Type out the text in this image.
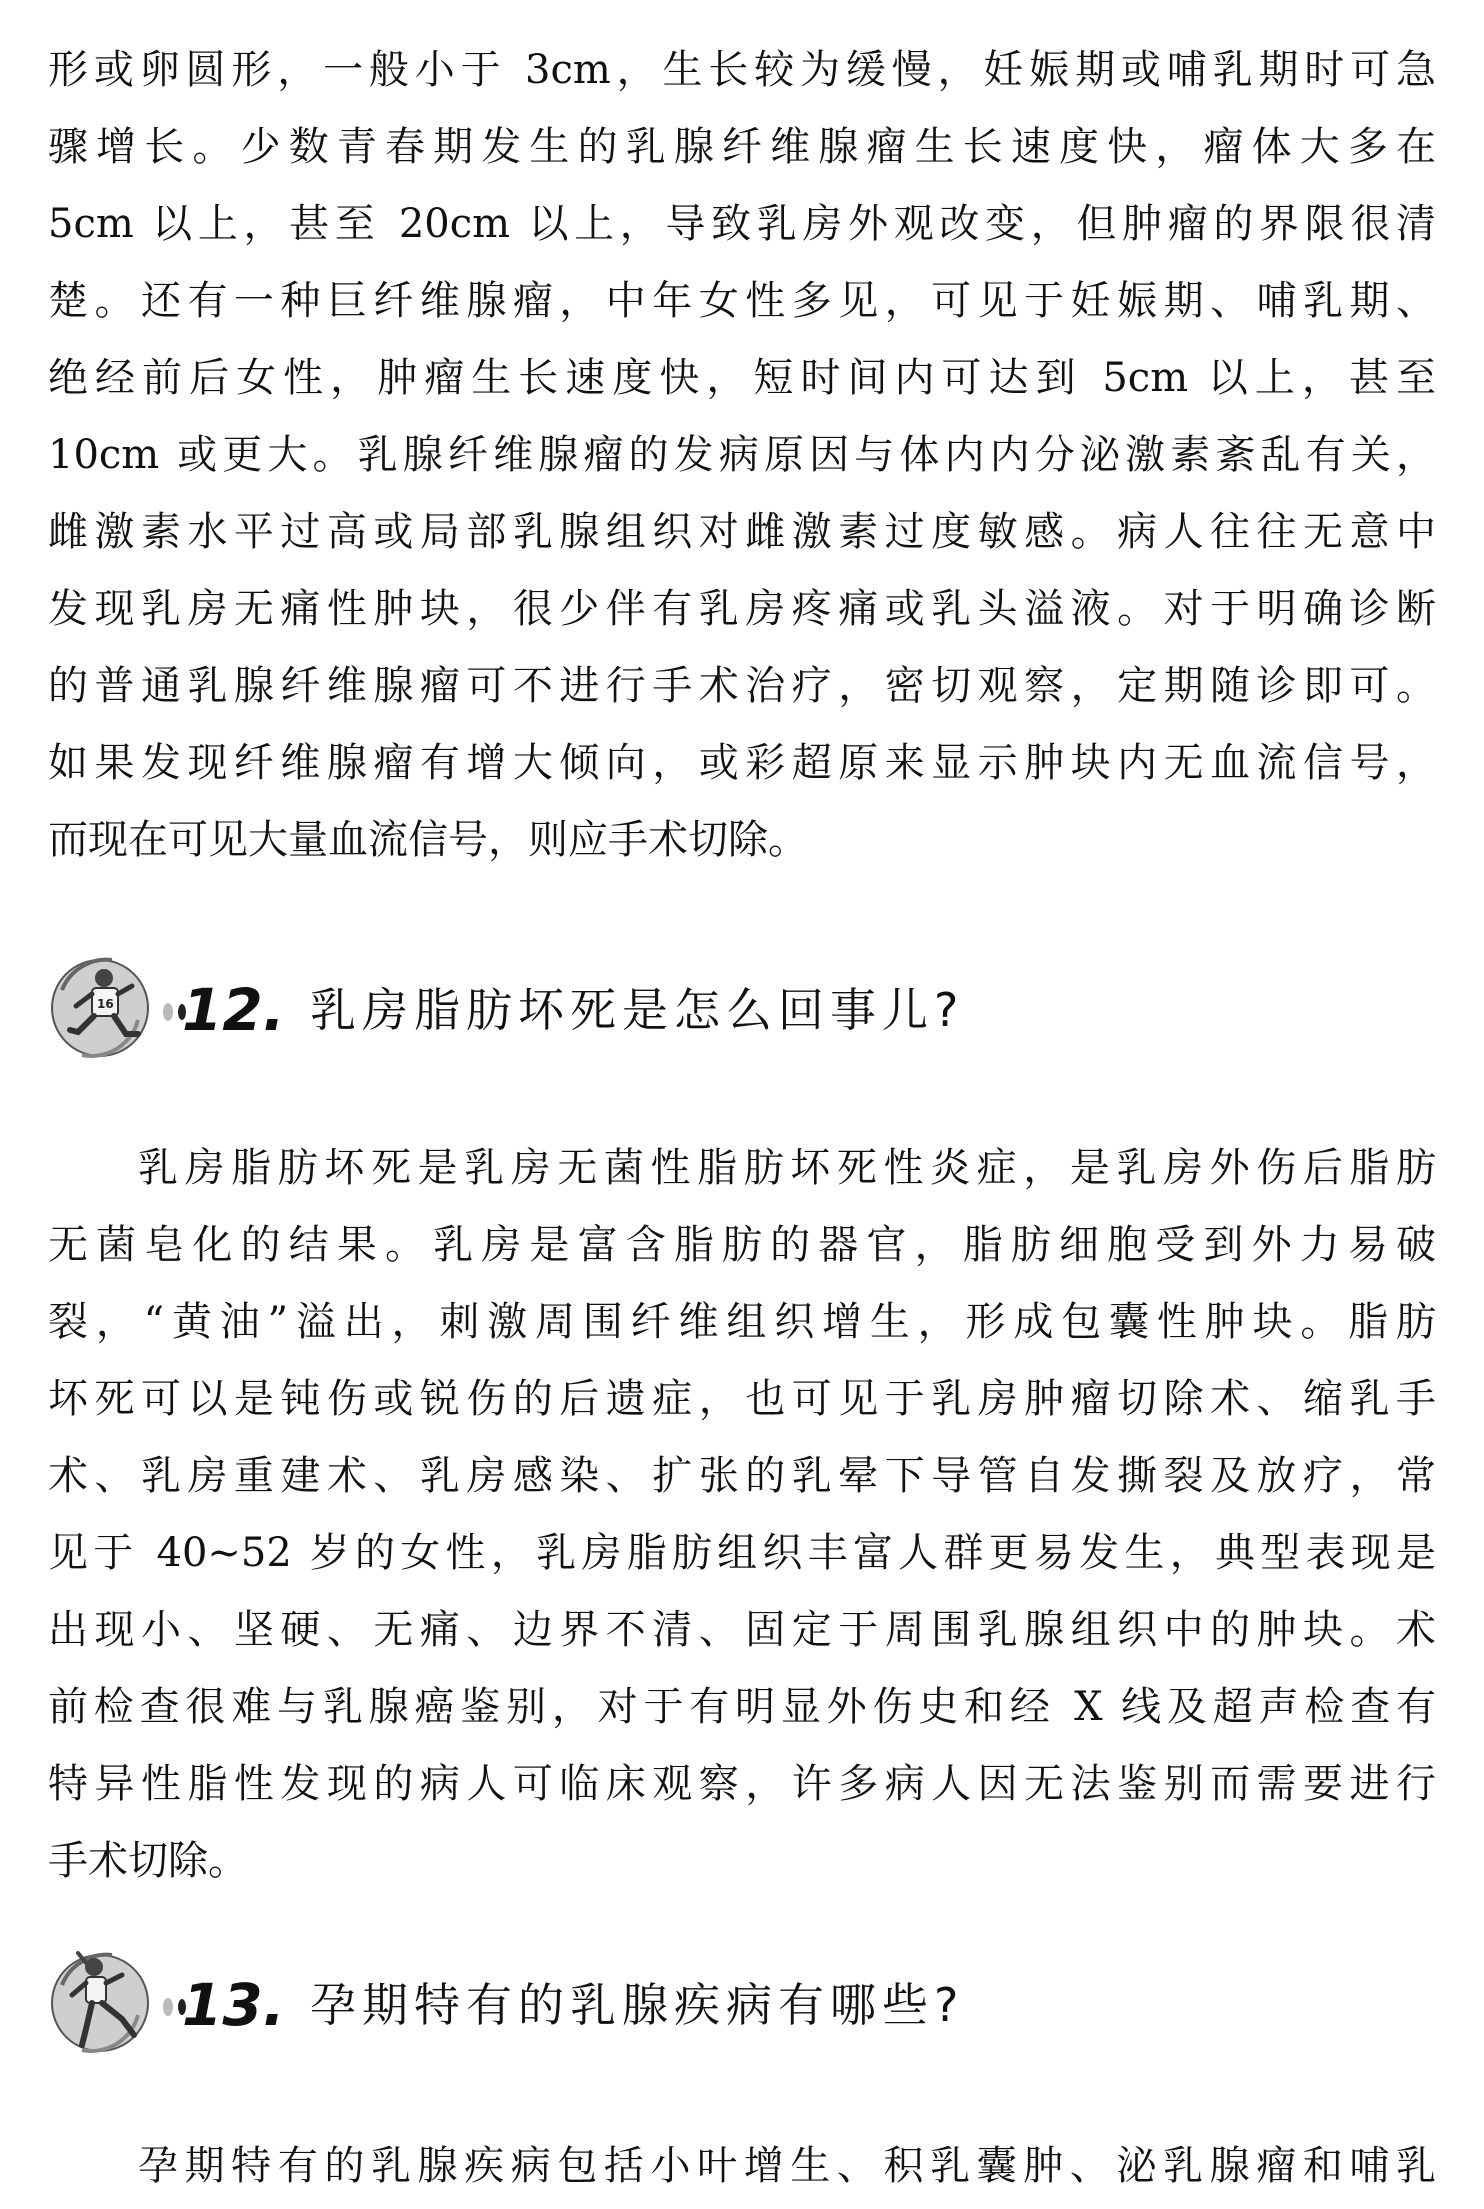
形或卵圆形，一般小于 3cm，生长较为缓慢，妊娠期或哺乳期时可急
骤增长。少数青春期发生的乳腺纤维腺瘤生长速度快，瘤体大多在
5cm 以上，甚至 20cm 以上，导致乳房外观改变，但肿瘤的界限很清
楚。还有一种巨纤维腺瘤，中年女性多见，可见于妊娠期、哺乳期、
绝经前后女性，肿瘤生长速度快，短时间内可达到 5cm 以上，甚至
10cm 或更大。乳腺纤维腺瘤的发病原因与体内内分泌激素紊乱有关，
雌激素水平过高或局部乳腺组织对雌激素过度敏感。病人往往无意中
发现乳房无痛性肿块，很少伴有乳房疼痛或乳头溢液。对于明确诊断
的普通乳腺纤维腺瘤可不进行手术治疗，密切观察，定期随诊即可。
如果发现纤维腺瘤有增大倾向，或彩超原来显示肿块内无血流信号，
而现在可见大量血流信号，则应手术切除。
16 12. 乳房脂肪坏死是怎么回事儿?
乳房脂肪坏死是乳房无菌性脂肪坏死性炎症，是乳房外伤后脂肪
无菌皂化的结果。乳房是富含脂肪的器官，脂肪细胞受到外力易破
裂，“黄油”溢出，刺激周围纤维组织增生，形成包囊性肿块。脂肪
坏死可以是钝伤或锐伤的后遗症，也可见于乳房肿瘤切除术、缩乳手
术、乳房重建术、乳房感染、扩张的乳晕下导管自发撕裂及放疗，常
见于 40~52 岁的女性，乳房脂肪组织丰富人群更易发生，典型表现是
出现小、坚硬、无痛、边界不清、固定于周围乳腺组织中的肿块。术
前检查很难与乳腺癌鉴别，对于有明显外伤史和经 X 线及超声检查有
特异性脂性发现的病人可临床观察，许多病人因无法鉴别而需要进行
手术切除。
13. 孕期特有的乳腺疾病有哪些?
孕期特有的乳腺疾病包括小叶增生、积乳囊肿、泌乳腺瘤和哺乳
